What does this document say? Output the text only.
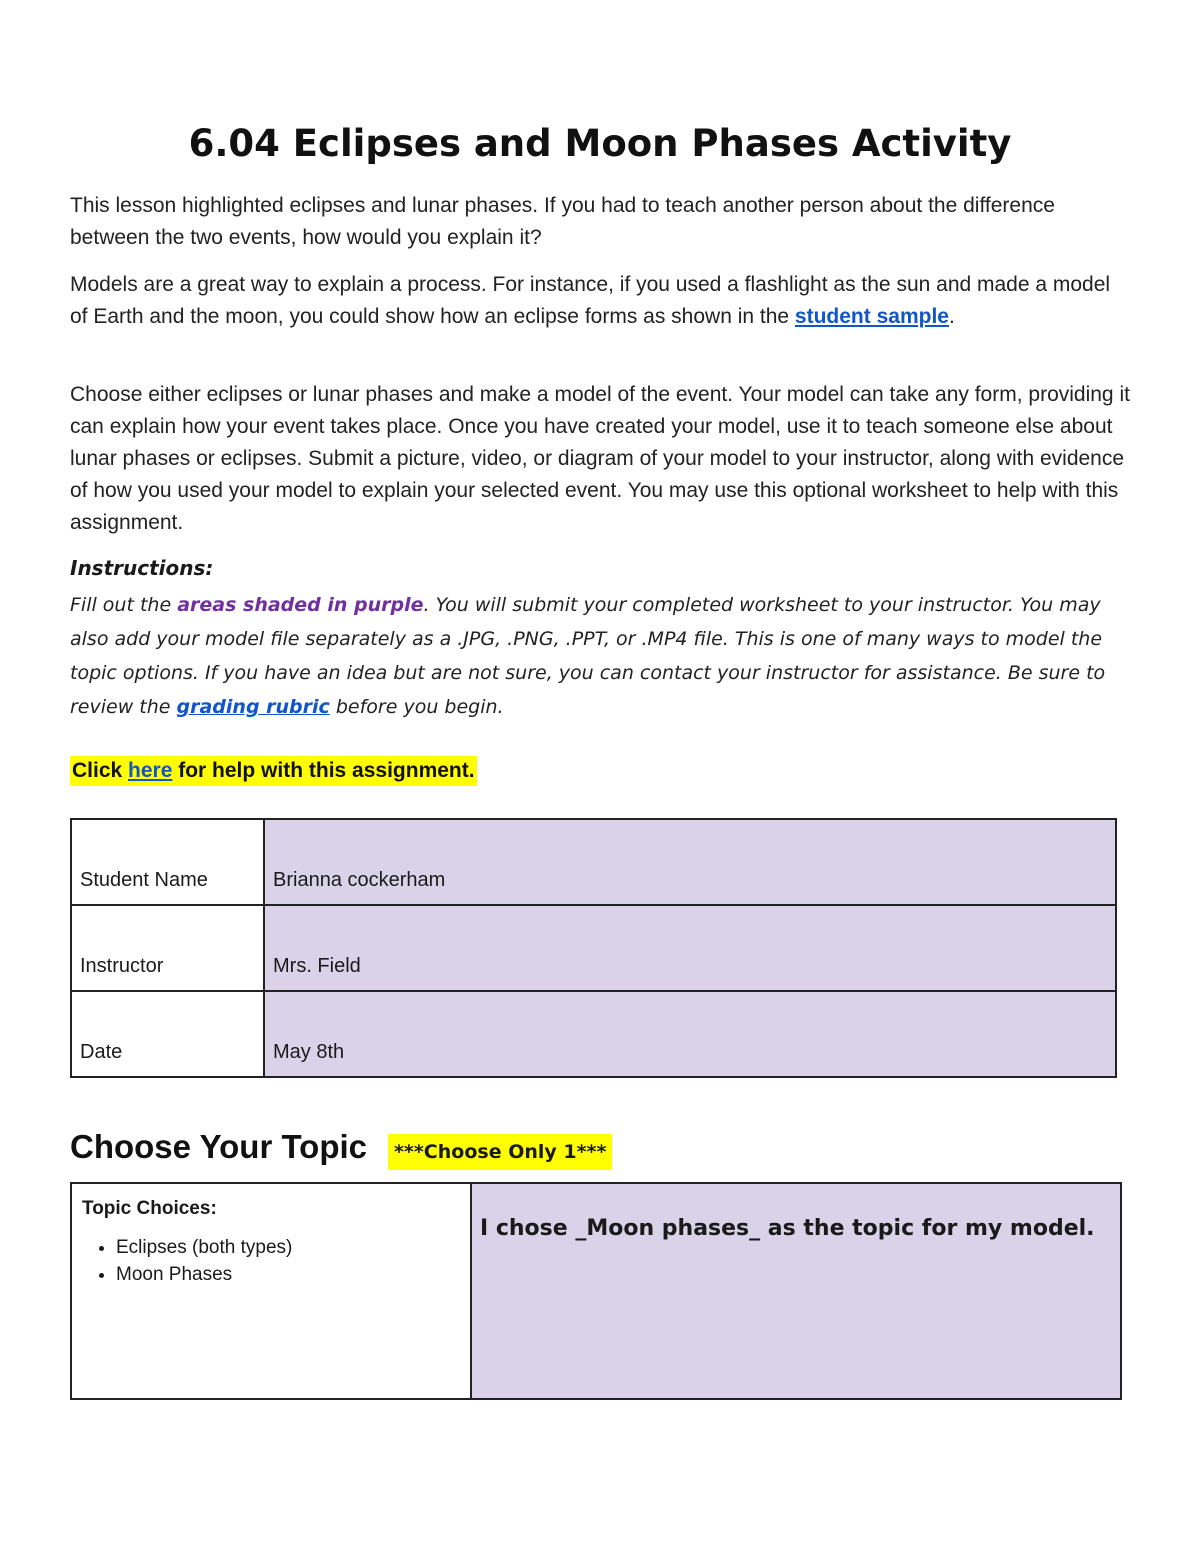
6.04 Eclipses and Moon Phases Activity

This lesson highlighted eclipses and lunar phases. If you had to teach another person about the difference between the two events, how would you explain it?

Models are a great way to explain a process. For instance, if you used a flashlight as the sun and made a model of Earth and the moon, you could show how an eclipse forms as shown in the student sample.

Choose either eclipses or lunar phases and make a model of the event. Your model can take any form, providing it can explain how your event takes place. Once you have created your model, use it to teach someone else about lunar phases or eclipses. Submit a picture, video, or diagram of your model to your instructor, along with evidence of how you used your model to explain your selected event. You may use this optional worksheet to help with this assignment.

Instructions:

Fill out the areas shaded in purple. You will submit your completed worksheet to your instructor. You may also add your model file separately as a .JPG, .PNG, .PPT, or .MP4 file. This is one of many ways to model the topic options. If you have an idea but are not sure, you can contact your instructor for assistance. Be sure to review the grading rubric before you begin.

Click here for help with this assignment.
Student Name	Brianna cockerham
Instructor	Mrs. Field
Date	May 8th
Choose Your Topic	***Choose Only 1***

Topic Choices:

• Eclipses (both types)
• Moon Phases
	I chose _Moon phases_ as the topic for my model.
